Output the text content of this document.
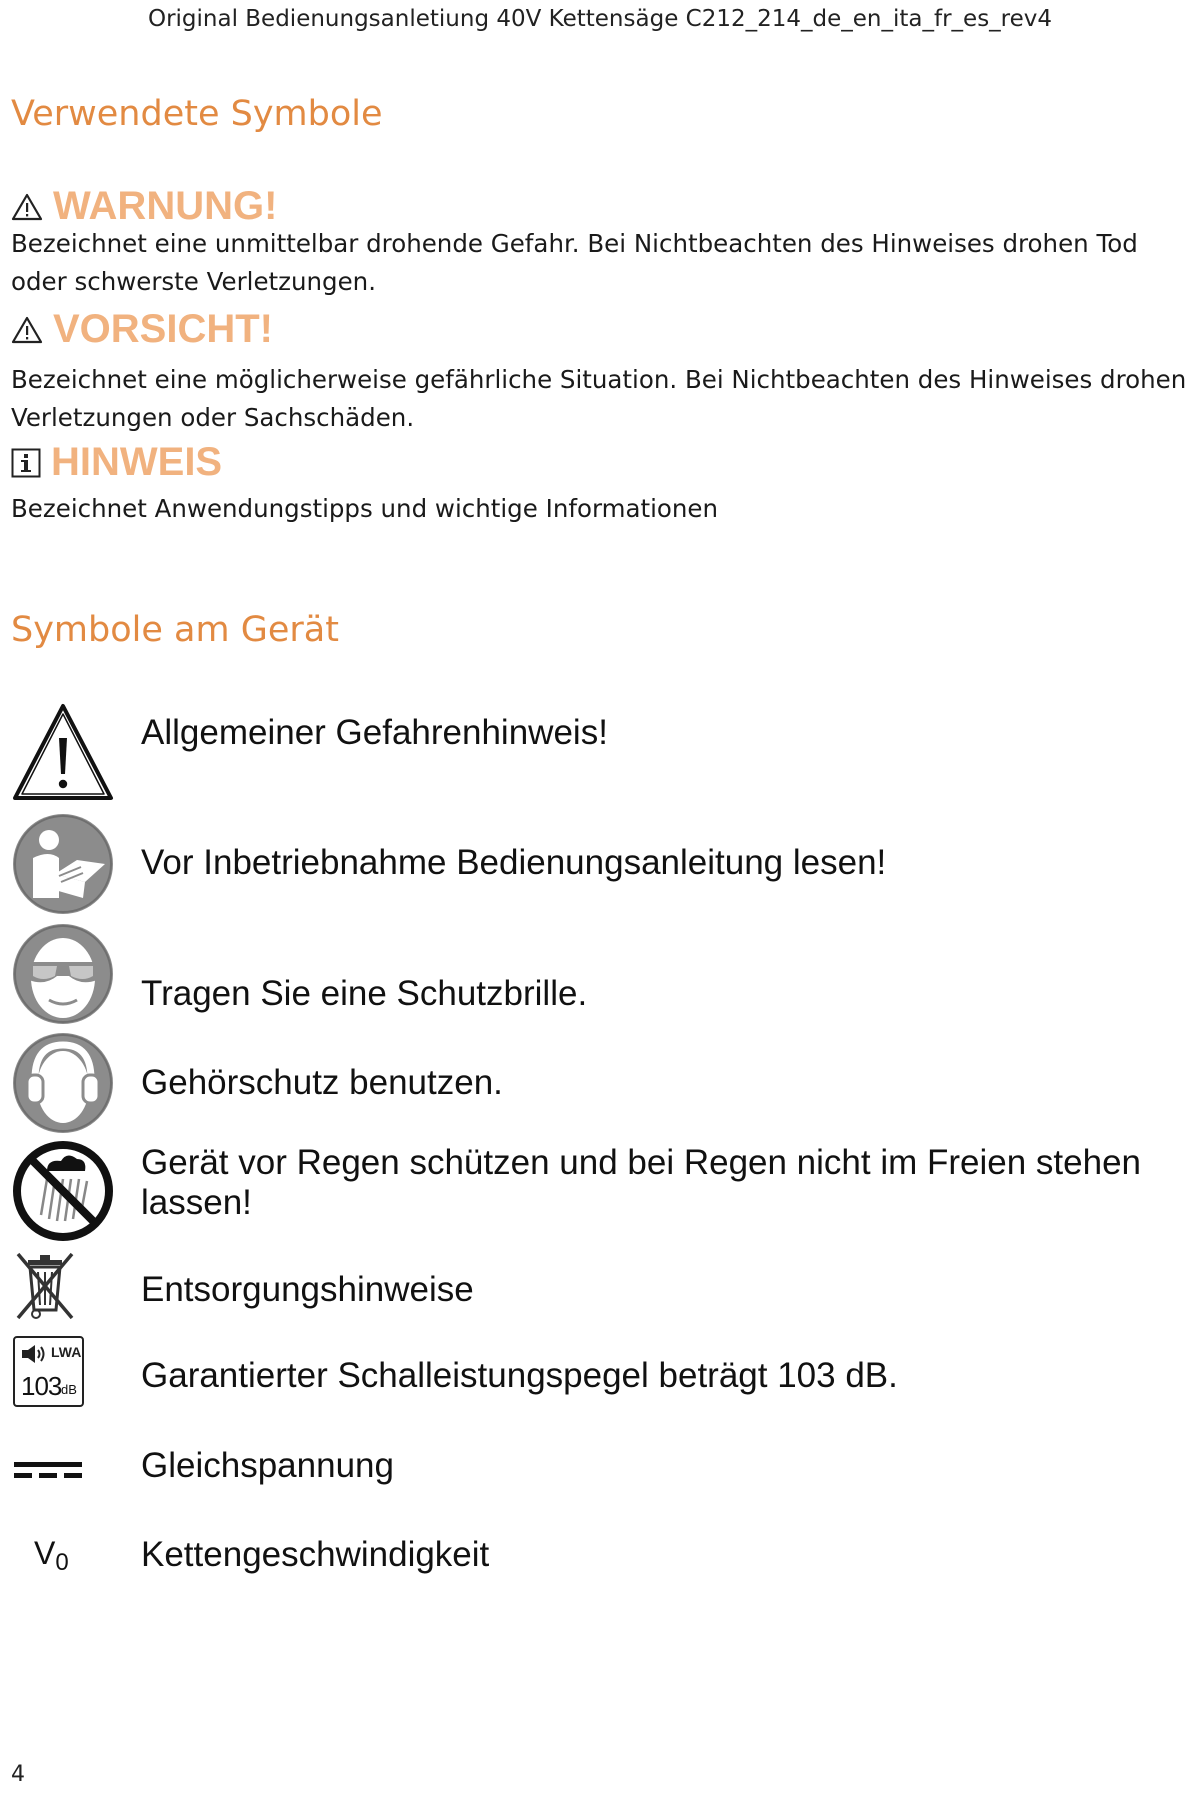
Original Bedienungsanletiung 40V Kettensäge C212_214_de_en_ita_fr_es_rev4
Verwendete Symbole
WARNUNG!
Bezeichnet eine unmittelbar drohende Gefahr. Bei Nichtbeachten des Hinweises drohen Tod oder schwerste Verletzungen.
VORSICHT!
Bezeichnet eine möglicherweise gefährliche Situation. Bei Nichtbeachten des Hinweises drohen Verletzungen oder Sachschäden.
HINWEIS
Bezeichnet Anwendungstipps und wichtige Informationen
Symbole am Gerät
Allgemeiner Gefahrenhinweis!
Vor Inbetriebnahme Bedienungsanleitung lesen!
Tragen Sie eine Schutzbrille.
Gehörschutz benutzen.
Gerät vor Regen schützen und bei Regen nicht im Freien stehen lassen!
Entsorgungshinweise
LWA
103 dB Garantierter Schalleistungspegel beträgt 103 dB.
Gleichspannung
V0 Kettengeschwindigkeit
4
